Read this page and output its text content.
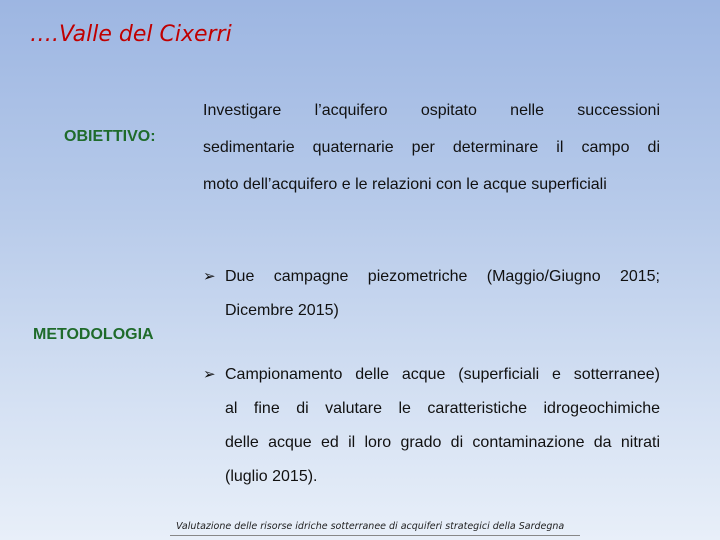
….Valle del Cixerri
OBIETTIVO:
Investigare l’acquifero ospitato nelle successioni
sedimentarie quaternarie per determinare il campo di
moto dell’acquifero e le relazioni con le acque superficiali
METODOLOGIA
➢ Due campagne piezometriche (Maggio/Giugno 2015;
Dicembre 2015)
➢ Campionamento delle acque (superficiali e sotterranee)
al fine di valutare le caratteristiche idrogeochimiche
delle acque ed il loro grado di contaminazione da nitrati
(luglio 2015).
Valutazione delle risorse idriche sotterranee di acquiferi strategici della Sardegna
